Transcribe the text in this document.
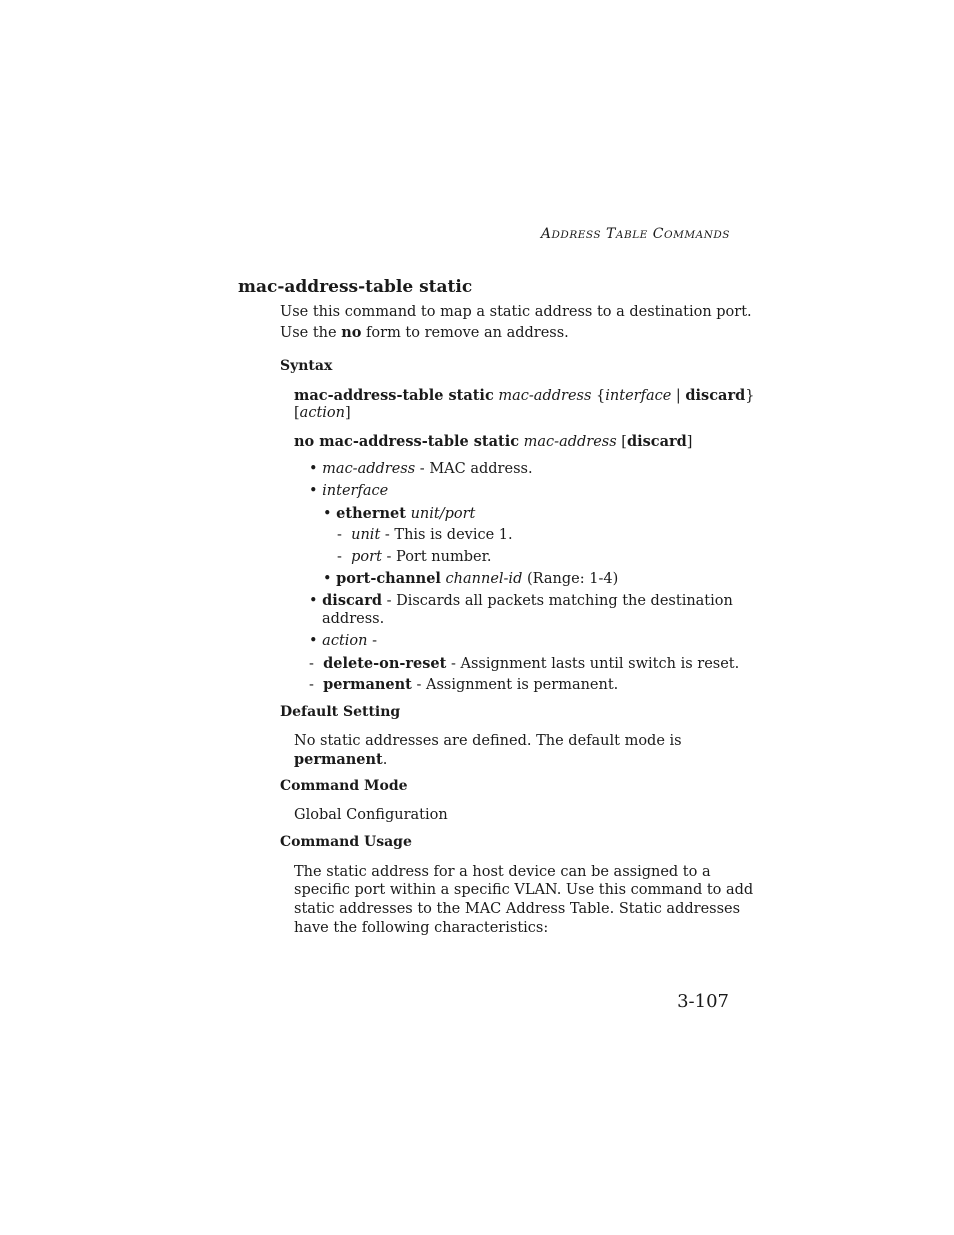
ADDRESS TABLE COMMANDS
mac-address-table static
Use this command to map a static address to a destination port.
Use the no form to remove an address.
Syntax
mac-address-table static mac-address {interface | discard}
[action]
no mac-address-table static mac-address [discard]
• mac-address - MAC address.
• interface
• ethernet unit/port
- unit - This is device 1.
- port - Port number.
• port-channel channel-id (Range: 1-4)
• discard - Discards all packets matching the destination
address.
• action -
- delete-on-reset - Assignment lasts until switch is reset.
- permanent - Assignment is permanent.
Default Setting
No static addresses are defined. The default mode is
permanent.
Command Mode
Global Configuration
Command Usage
The static address for a host device can be assigned to a
specific port within a specific VLAN. Use this command to add
static addresses to the MAC Address Table. Static addresses
have the following characteristics:
3-107
